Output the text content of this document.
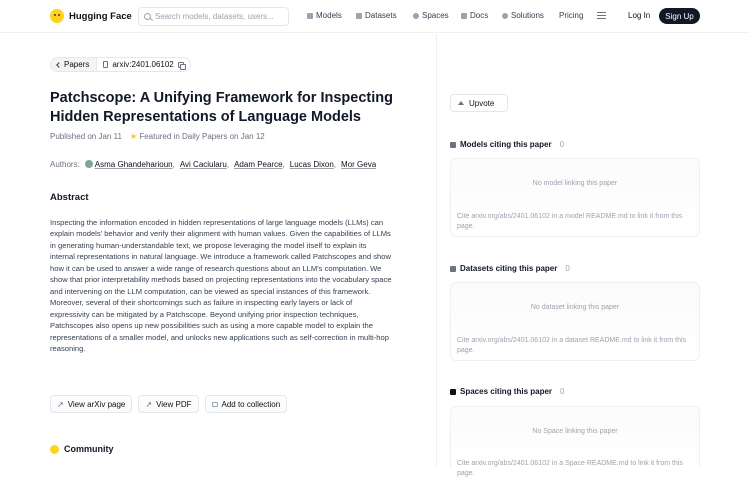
Hugging Face
Search models, datasets, users...	Models	Datasets	Spaces	Docs	Solutions Pricing	Log In	Sign Up
Papers	arxiv:2401.06102
Patchscope: A Unifying Framework for Inspecting Hidden Representations of Language Models
Published on Jan 11 ★ Featured in Daily Papers on Jan 12
Authors:	Asma Ghandeharioun, Avi Caciularu, Adam Pearce, Lucas Dixon, Mor Geva
Abstract

Inspecting the information encoded in hidden representations of large language models (LLMs) can explain models' behavior and verify their alignment with human values. Given the capabilities of LLMs in generating human-understandable text, we propose leveraging the model itself to explain its internal representations in natural language. We introduce a framework called Patchscopes and show how it can be used to answer a wide range of research questions about an LLM's computation. We show that prior interpretability methods based on projecting representations into the vocabulary space and intervening on the LLM computation, can be viewed as special instances of this framework. Moreover, several of their shortcomings such as failure in inspecting early layers or lack of expressivity can be mitigated by a Patchscope. Beyond unifying prior inspection techniques, Patchscopes also opens up new possibilities such as using a more capable model to explain the representations of a smaller model, and unlocks new applications such as self-correction in multi-hop reasoning.

↗ View arXiv page	↗ View PDF	Add to collection
Community
Upvote
Models citing this paper 0
No model linking this paper
Cite arxiv.org/abs/2401.06102 in a model README.md to link it from this page.
Datasets citing this paper 0
No dataset linking this paper
Cite arxiv.org/abs/2401.06102 in a dataset README.md to link it from this page.
Spaces citing this paper 0
No Space linking this paper
Cite arxiv.org/abs/2401.06102 in a Space README.md to link it from this page.
